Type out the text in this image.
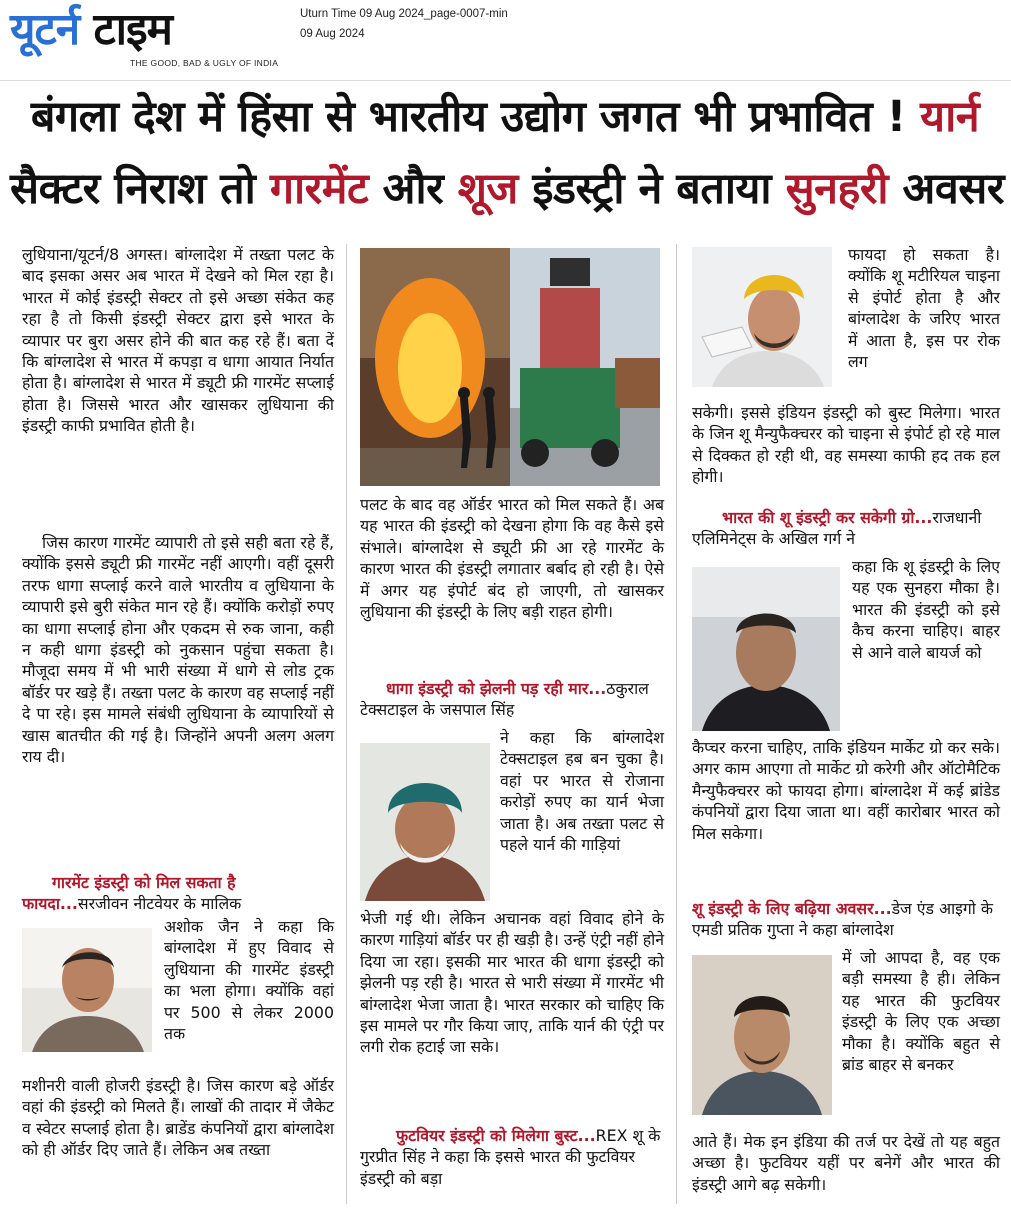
यूटर्न टाइम
THE GOOD, BAD & UGLY OF INDIA
Uturn Time 09 Aug 2024_page-0007-min
09 Aug 2024
बंगला देश में हिंसा से भारतीय उद्योग जगत भी प्रभावित ! यार्न
सैक्टर निराश तो गारमेंट और शूज इंडस्ट्री ने बताया सुनहरी अवसर
लुधियाना/यूटर्न/8 अगस्त। बांग्लादेश में तख्ता पलट के बाद इसका असर अब भारत में देखने को मिल रहा है। भारत में कोई इंडस्ट्री सेक्टर तो इसे अच्छा संकेत कह रहा है तो किसी इंडस्ट्री सेक्टर द्वारा इसे भारत के व्यापार पर बुरा असर होने की बात कह रहे हैं। बता दें कि बांग्लादेश से भारत में कपड़ा व धागा आयात निर्यात होता है। बांग्लादेश से भारत में ड्यूटी फ्री गारमेंट सप्लाई होता है। जिससे भारत और खासकर लुधियाना की इंडस्ट्री काफी प्रभावित होती है।
जिस कारण गारमेंट व्यापारी तो इसे सही बता रहे हैं, क्योंकि इससे ड्यूटी फ्री गारमेंट नहीं आएगी। वहीं दूसरी तरफ धागा सप्लाई करने वाले भारतीय व लुधियाना के व्यापारी इसे बुरी संकेत मान रहे हैं। क्योंकि करोड़ों रुपए का धागा सप्लाई होना और एकदम से रुक जाना, कही न कही धागा इंडस्ट्री को नुकसान पहुंचा सकता है। मौजूदा समय में भी भारी संख्या में धागे से लोड ट्रक बॉर्डर पर खड़े हैं। तख्ता पलट के कारण वह सप्लाई नहीं दे पा रहे। इस मामले संबंधी लुधियाना के व्यापारियों से खास बातचीत की गई है। जिन्होंने अपनी अलग अलग राय दी।
गारमेंट इंडस्ट्री को मिल सकता है फायदा...सरजीवन नीटवेयर के मालिक
अशोक जैन ने कहा कि बांग्लादेश में हुए विवाद से लुधियाना की गारमेंट इंडस्ट्री का भला होगा। क्योंकि वहां पर 500 से लेकर 2000 तक
मशीनरी वाली होजरी इंडस्ट्री है। जिस कारण बड़े ऑर्डर वहां की इंडस्ट्री को मिलते हैं। लाखों की तादार में जैकेट व स्वेटर सप्लाई होता है। ब्राडेंड कंपनियों द्वारा बांग्लादेश को ही ऑर्डर दिए जाते हैं। लेकिन अब तख्ता
पलट के बाद वह ऑर्डर भारत को मिल सकते हैं। अब यह भारत की इंडस्ट्री को देखना होगा कि वह कैसे इसे संभाले। बांग्लादेश से ड्यूटी फ्री आ रहे गारमेंट के कारण भारत की इंडस्ट्री लगातार बर्बाद हो रही है। ऐसे में अगर यह इंपोर्ट बंद हो जाएगी, तो खासकर लुधियाना की इंडस्ट्री के लिए बड़ी राहत होगी।
धागा इंडस्ट्री को झेलनी पड़ रही मार...ठकुराल टेक्सटाइल के जसपाल सिंह
ने कहा कि बांग्लादेश टेक्सटाइल हब बन चुका है। वहां पर भारत से रोजाना करोड़ों रुपए का यार्न भेजा जाता है। अब तख्ता पलट से पहले यार्न की गाड़ियां
भेजी गई थी। लेकिन अचानक वहां विवाद होने के कारण गाड़ियां बॉर्डर पर ही खड़ी है। उन्हें एंट्री नहीं होने दिया जा रहा। इसकी मार भारत की धागा इंडस्ट्री को झेलनी पड़ रही है। भारत से भारी संख्या में गारमेंट भी बांग्लादेश भेजा जाता है। भारत सरकार को चाहिए कि इस मामले पर गौर किया जाए, ताकि यार्न की एंट्री पर लगी रोक हटाई जा सके।
फुटवियर इंडस्ट्री को मिलेगा बुस्ट...REX शू के गुरप्रीत सिंह ने कहा कि इससे भारत की फुटवियर इंडस्ट्री को बड़ा
फायदा हो सकता है। क्योंकि शू मटीरियल चाइना से इंपोर्ट होता है और बांग्लादेश के जरिए भारत में आता है, इस पर रोक लग
सकेगी। इससे इंडियन इंडस्ट्री को बुस्ट मिलेगा। भारत के जिन शू मैन्युफैक्चरर को चाइना से इंपोर्ट हो रहे माल से दिक्कत हो रही थी, वह समस्या काफी हद तक हल होगी।
भारत की शू इंडस्ट्री कर सकेगी ग्रो...राजधानी एलिमिनेट्स के अखिल गर्ग ने
कहा कि शू इंडस्ट्री के लिए यह एक सुनहरा मौका है। भारत की इंडस्ट्री को इसे कैच करना चाहिए। बाहर से आने वाले बायर्ज को
कैप्चर करना चाहिए, ताकि इंडियन मार्केट ग्रो कर सके। अगर काम आएगा तो मार्केट ग्रो करेगी और ऑटोमैटिक मैन्युफैक्चरर को फायदा होगा। बांग्लादेश में कई ब्रांडेड कंपनियों द्वारा दिया जाता था। वहीं कारोबार भारत को मिल सकेगा।
शू इंडस्ट्री के लिए बढ़िया अवसर...डेज एंड आइगो के एमडी प्रतिक गुप्ता ने कहा बांग्लादेश
में जो आपदा है, वह एक बड़ी समस्या है ही। लेकिन यह भारत की फुटवियर इंडस्ट्री के लिए एक अच्छा मौका है। क्योंकि बहुत से ब्रांड बाहर से बनकर
आते हैं। मेक इन इंडिया की तर्ज पर देखें तो यह बहुत अच्छा है। फुटवियर यहीं पर बनेगें और भारत की इंडस्ट्री आगे बढ़ सकेगी।
